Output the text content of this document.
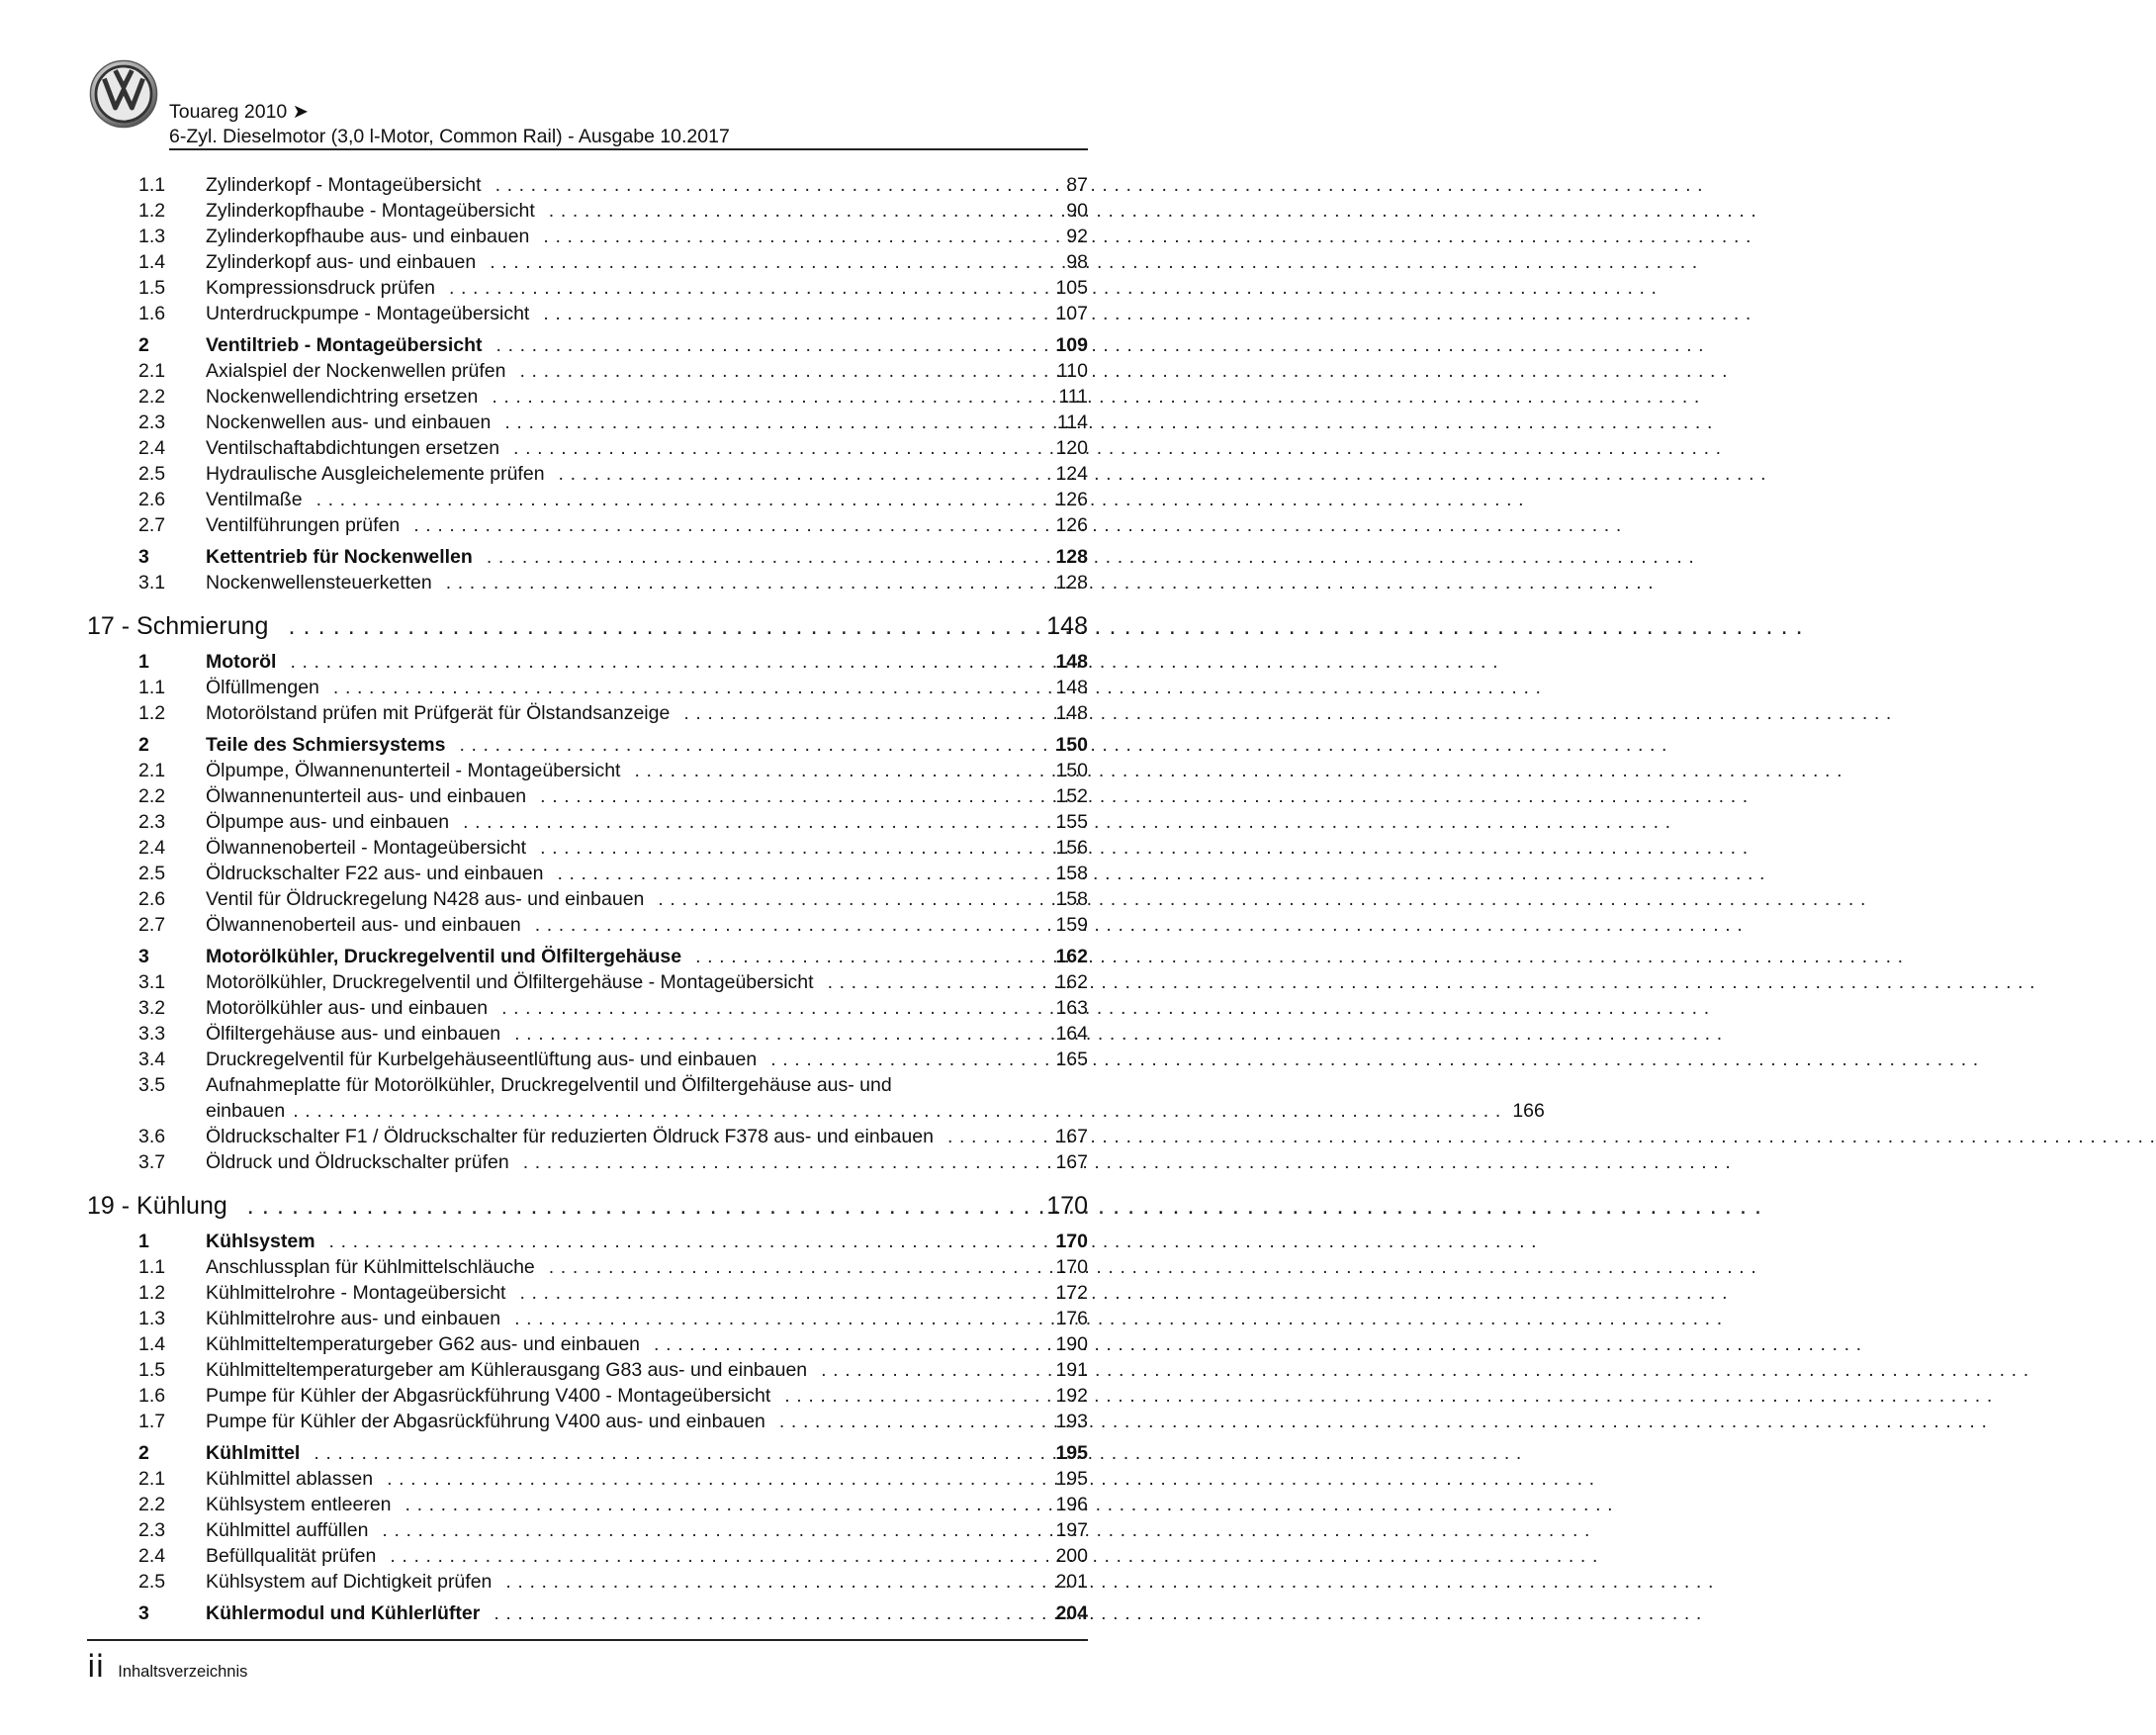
Touareg 2010 ➤
6-Zyl. Dieselmotor (3,0 l-Motor, Common Rail) - Ausgabe 10.2017
1.1	Zylinderkopf - Montageübersicht . . .	87
1.2	Zylinderkopfhaube - Montageübersicht . . .	90
1.3	Zylinderkopfhaube aus- und einbauen . . .	92
1.4	Zylinderkopf aus- und einbauen . . .	98
1.5	Kompressionsdruck prüfen . . .	105
1.6	Unterdruckpumpe - Montageübersicht . . .	107
2	Ventiltrieb - Montageübersicht . . .	109
2.1	Axialspiel der Nockenwellen prüfen . . .	110
2.2	Nockenwellendichtring ersetzen . . .	111
2.3	Nockenwellen aus- und einbauen . . .	114
2.4	Ventilschaftabdichtungen ersetzen . . .	120
2.5	Hydraulische Ausgleichelemente prüfen . . .	124
2.6	Ventilmaße . . .	126
2.7	Ventilführungen prüfen . . .	126
3	Kettentrieb für Nockenwellen . . .	128
3.1	Nockenwellensteuerketten . . .	128
17 - Schmierung . . .	148
1	Motoröl . . .	148
1.1	Ölfüllmengen . . .	148
1.2	Motorölstand prüfen mit Prüfgerät für Ölstandsanzeige . . .	148
2	Teile des Schmiersystems . . .	150
2.1	Ölpumpe, Ölwannenunterteil - Montageübersicht . . .	150
2.2	Ölwannenunterteil aus- und einbauen . . .	152
2.3	Ölpumpe aus- und einbauen . . .	155
2.4	Ölwannenoberteil - Montageübersicht . . .	156
2.5	Öldruckschalter F22 aus- und einbauen . . .	158
2.6	Ventil für Öldruckregelung N428 aus- und einbauen . . .	158
2.7	Ölwannenoberteil aus- und einbauen . . .	159
3	Motorölkühler, Druckregelventil und Ölfiltergehäuse . . .	162
3.1	Motorölkühler, Druckregelventil und Ölfiltergehäuse - Montageübersicht . . .	162
3.2	Motorölkühler aus- und einbauen . . .	163
3.3	Ölfiltergehäuse aus- und einbauen . . .	164
3.4	Druckregelventil für Kurbelgehäuseentlüftung aus- und einbauen . . .	165
3.5	Aufnahmeplatte für Motorölkühler, Druckregelventil und Ölfiltergehäuse aus- und
einbauen . . .	166
3.6	Öldruckschalter F1 / Öldruckschalter für reduzierten Öldruck F378 aus- und einbauen . . .	167
3.7	Öldruck und Öldruckschalter prüfen . . .	167
19 - Kühlung . . .	170
1	Kühlsystem . . .	170
1.1	Anschlussplan für Kühlmittelschläuche . . .	170
1.2	Kühlmittelrohre - Montageübersicht . . .	172
1.3	Kühlmittelrohre aus- und einbauen . . .	176
1.4	Kühlmitteltemperaturgeber G62 aus- und einbauen . . .	190
1.5	Kühlmitteltemperaturgeber am Kühlerausgang G83 aus- und einbauen . . .	191
1.6	Pumpe für Kühler der Abgasrückführung V400 - Montageübersicht . . .	192
1.7	Pumpe für Kühler der Abgasrückführung V400 aus- und einbauen . . .	193
2	Kühlmittel . . .	195
2.1	Kühlmittel ablassen . . .	195
2.2	Kühlsystem entleeren . . .	196
2.3	Kühlmittel auffüllen . . .	197
2.4	Befüllqualität prüfen . . .	200
2.5	Kühlsystem auf Dichtigkeit prüfen . . .	201
3	Kühlermodul und Kühlerlüfter . . .	204
ii Inhaltsverzeichnis
